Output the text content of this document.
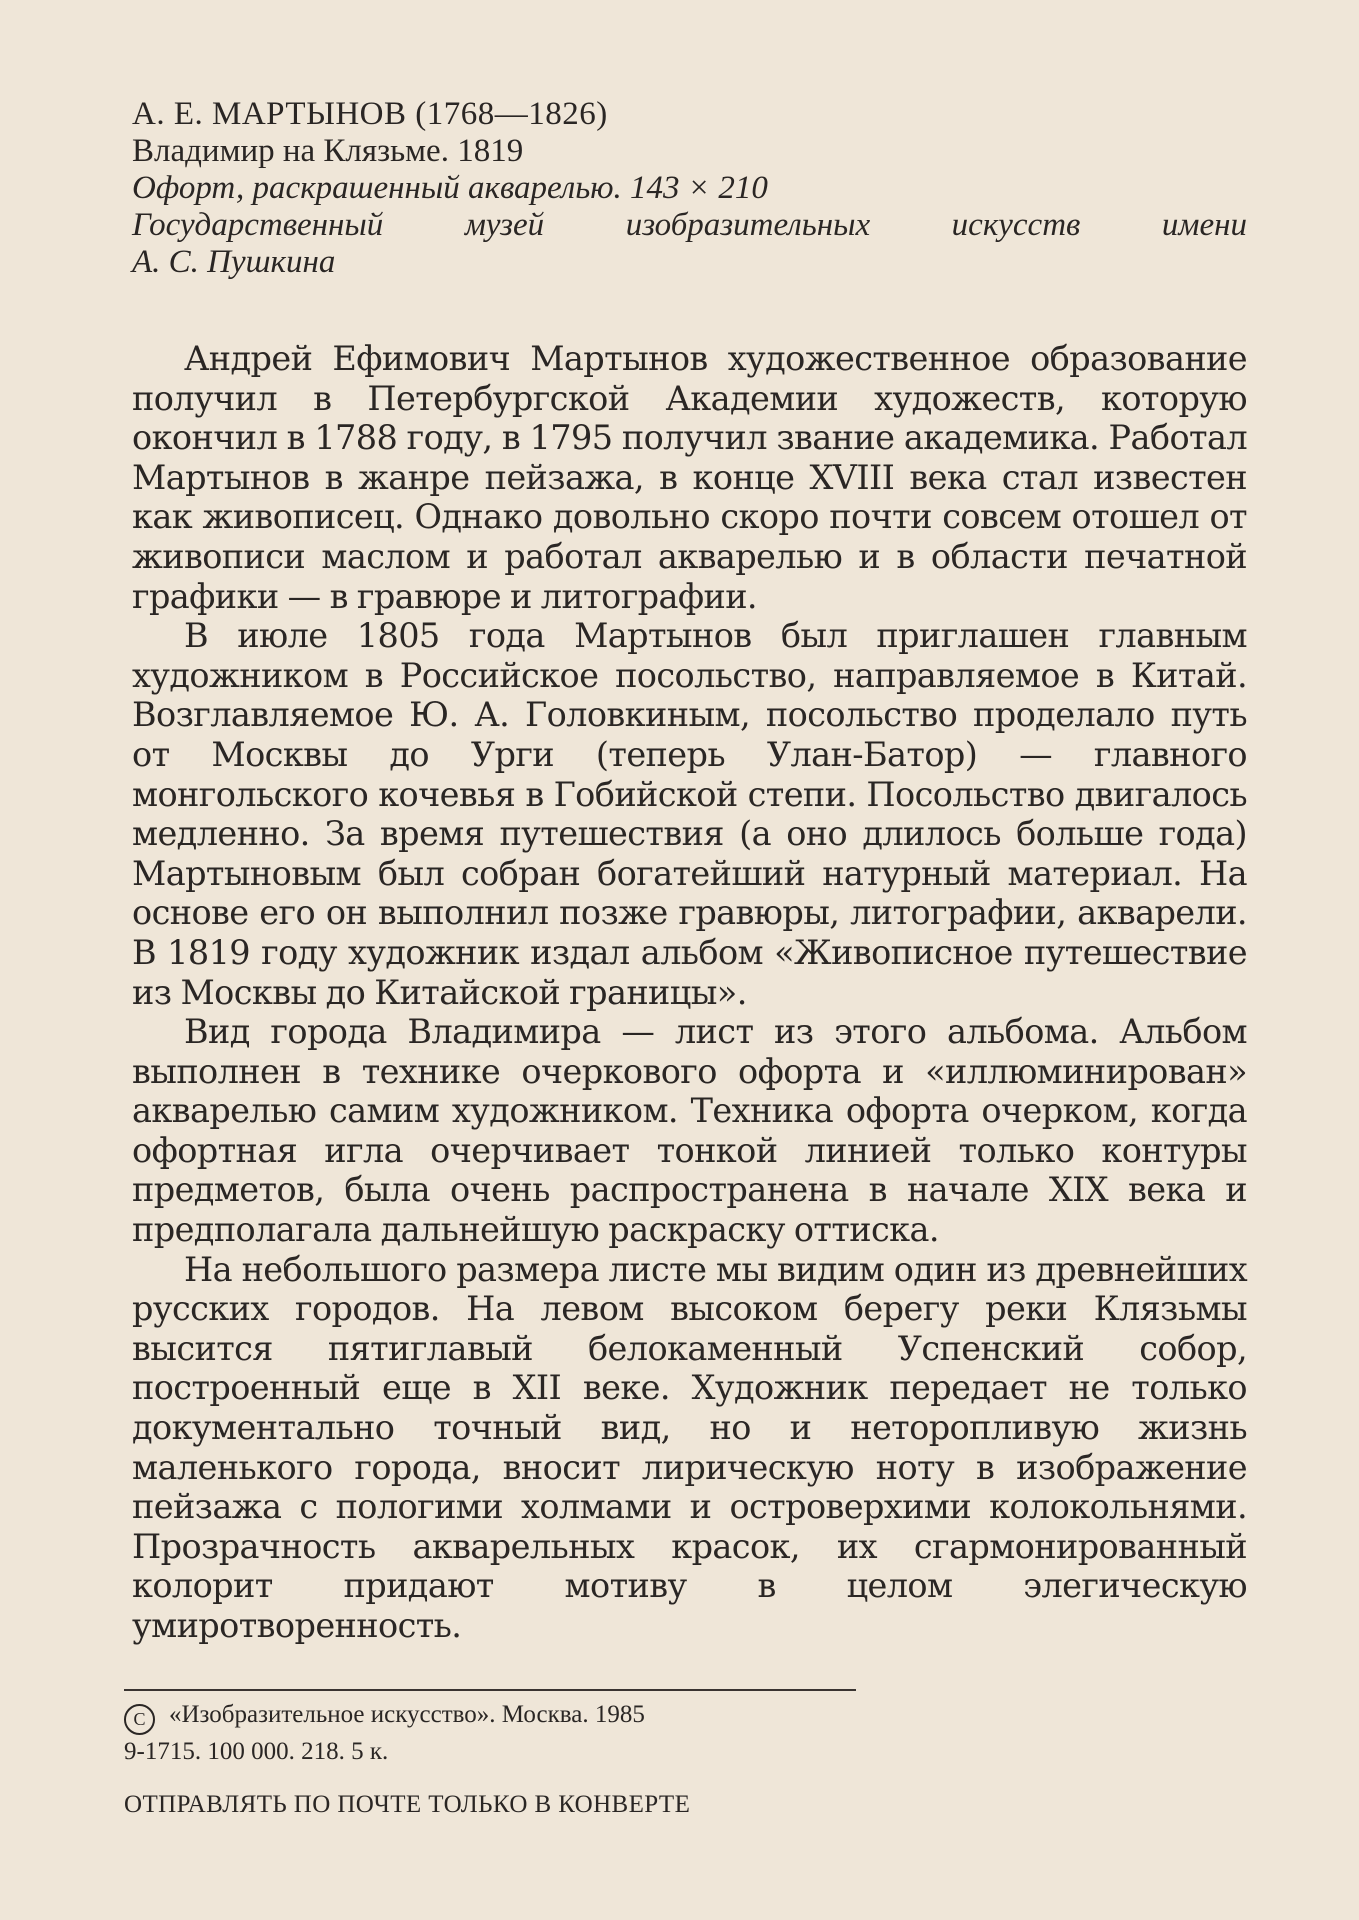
А. Е. МАРТЫНОВ (1768—1826)
Владимир на Клязьме. 1819
Офорт, раскрашенный акварелью. 143 × 210
Государственный музей изобразительных искусств имени
А. С. Пушкина

Андрей Ефимович Мартынов художественное образование получил в Петербургской Академии художеств, которую окончил в 1788 году, в 1795 получил звание академика. Работал Мартынов в жанре пейзажа, в конце XVIII века стал известен как живописец. Однако довольно скоро почти совсем отошел от живописи маслом и работал акварелью и в области печатной графики — в гравюре и литографии.

В июле 1805 года Мартынов был приглашен главным художником в Российское посольство, направляемое в Китай. Возглавляемое Ю. А. Головкиным, посольство проделало путь от Москвы до Урги (теперь Улан-Батор) — главного монгольского кочевья в Гобийской степи. Посольство двигалось медленно. За время путешествия (а оно длилось больше года) Мартыновым был собран богатейший натурный материал. На основе его он выполнил позже гравюры, литографии, акварели. В 1819 году художник издал альбом «Живописное путешествие из Москвы до Китайской границы».

Вид города Владимира — лист из этого альбома. Альбом выполнен в технике очеркового офорта и «иллюминирован» акварелью самим художником. Техника офорта очерком, когда офортная игла очерчивает тонкой линией только контуры предметов, была очень распространена в начале XIX века и предполагала дальнейшую раскраску оттиска.

На небольшого размера листе мы видим один из древнейших русских городов. На левом высоком берегу реки Клязьмы высится пятиглавый белокаменный Успенский собор, построенный еще в XII веке. Художник передает не только документально точный вид, но и неторопливую жизнь маленького города, вносит лирическую ноту в изображение пейзажа с пологими холмами и островерхими колокольнями. Прозрачность акварельных красок, их сгармонированный колорит придают мотиву в целом элегическую умиротворенность.

C «Изобразительное искусство». Москва. 1985
9-1715. 100 000. 218. 5 к.
ОТПРАВЛЯТЬ ПО ПОЧТЕ ТОЛЬКО В КОНВЕРТЕ
